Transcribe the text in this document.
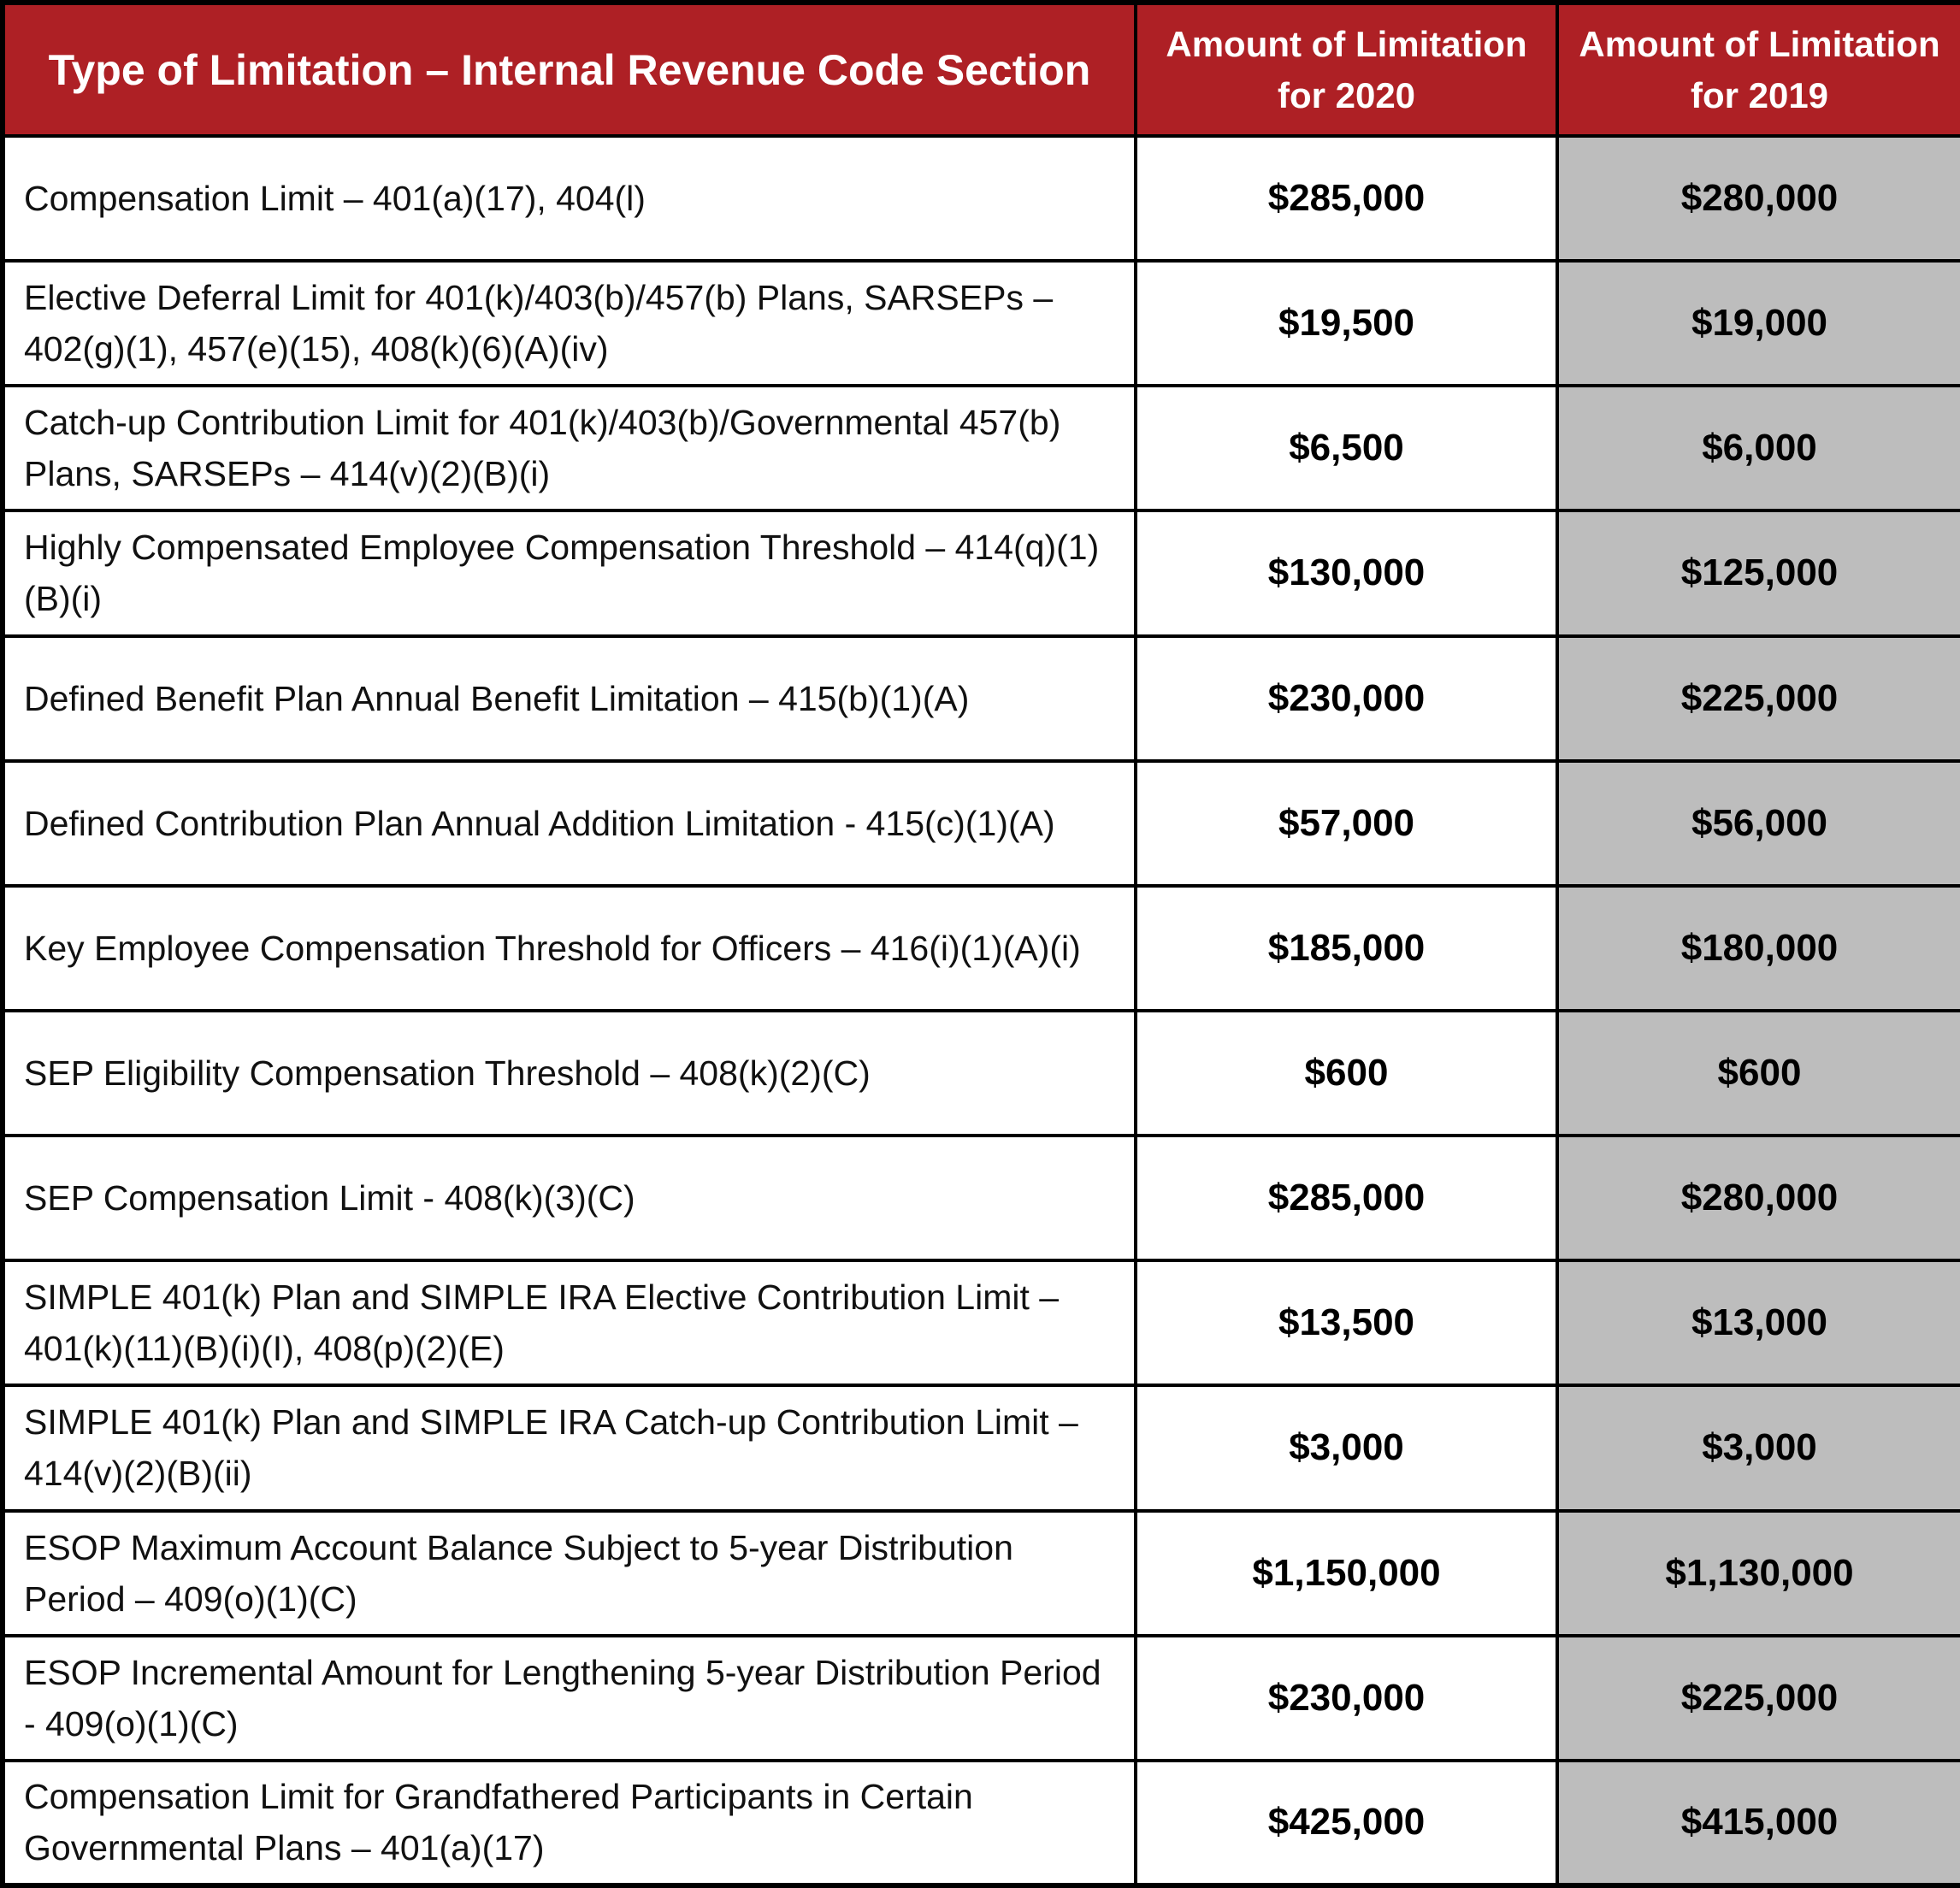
Type of Limitation – Internal Revenue Code Section	Amount of Limitation for 2020	Amount of Limitation for 2019
Compensation Limit – 401(a)(17), 404(l)	$285,000	$280,000
Elective Deferral Limit for 401(k)/403(b)/457(b) Plans, SARSEPs – 402(g)(1), 457(e)(15), 408(k)(6)(A)(iv)	$19,500	$19,000
Catch-up Contribution Limit for 401(k)/403(b)/Governmental 457(b) Plans, SARSEPs – 414(v)(2)(B)(i)	$6,500	$6,000
Highly Compensated Employee Compensation Threshold – 414(q)(1)(B)(i)	$130,000	$125,000
Defined Benefit Plan Annual Benefit Limitation – 415(b)(1)(A)	$230,000	$225,000
Defined Contribution Plan Annual Addition Limitation - 415(c)(1)(A)	$57,000	$56,000
Key Employee Compensation Threshold for Officers – 416(i)(1)(A)(i)	$185,000	$180,000
SEP Eligibility Compensation Threshold – 408(k)(2)(C)	$600	$600
SEP Compensation Limit - 408(k)(3)(C)	$285,000	$280,000
SIMPLE 401(k) Plan and SIMPLE IRA Elective Contribution Limit – 401(k)(11)(B)(i)(I), 408(p)(2)(E)	$13,500	$13,000
SIMPLE 401(k) Plan and SIMPLE IRA Catch-up Contribution Limit – 414(v)(2)(B)(ii)	$3,000	$3,000
ESOP Maximum Account Balance Subject to 5-year Distribution Period – 409(o)(1)(C)	$1,150,000	$1,130,000
ESOP Incremental Amount for Lengthening 5-year Distribution Period - 409(o)(1)(C)	$230,000	$225,000
Compensation Limit for Grandfathered Participants in Certain Governmental Plans – 401(a)(17)	$425,000	$415,000
